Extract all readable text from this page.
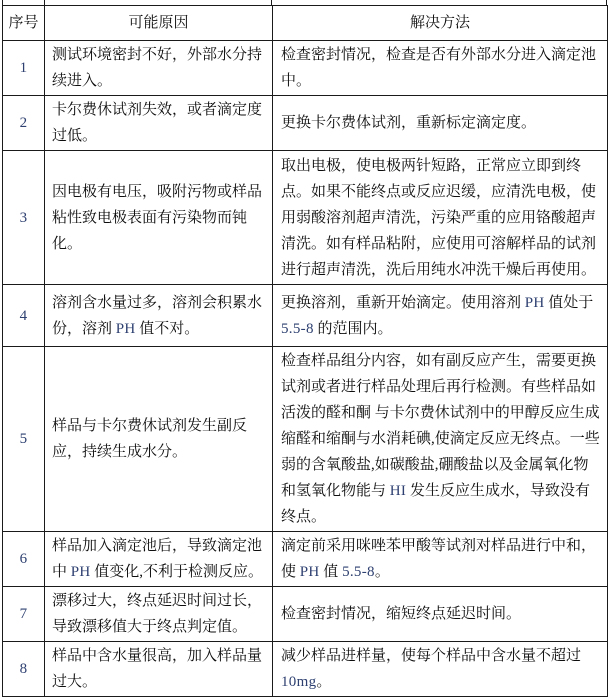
序号	可能原因	解决方法
1	测试环境密封不好，外部水分持续进入。	检查密封情况，检查是否有外部水分进入滴定池中。
2	卡尔费休试剂失效，或者滴定度过低。	更换卡尔费体试剂，重新标定滴定度。
3	因电极有电压，吸附污物或样品粘性致电极表面有污染物而钝化。	取出电极，使电极两针短路，正常应立即到终点。如果不能终点或反应迟缓，应清洗电极，使用弱酸溶剂超声清洗，污染严重的应用铬酸超声清洗。如有样品粘附，应使用可溶解样品的试剂进行超声清洗，洗后用纯水冲洗干燥后再使用。
4	溶剂含水量过多，溶剂会积累水份，溶剂 PH 值不对。	更换溶剂，重新开始滴定。使用溶剂 PH 值处于 5.5-8 的范围内。
5	样品与卡尔费休试剂发生副反应，持续生成水分。	检查样品组分内容，如有副反应产生，需要更换试剂或者进行样品处理后再行检测。有些样品如活泼的醛和酮 与卡尔费休试剂中的甲醇反应生成缩醛和缩酮与水消耗碘,使滴定反应无终点。一些弱的含氧酸盐,如碳酸盐,硼酸盐以及金属氧化物和氢氧化物能与 HI 发生反应生成水，导致没有终点。
6	样品加入滴定池后，导致滴定池中 PH 值变化,不利于检测反应。	滴定前采用咪唑苯甲酸等试剂对样品进行中和，使 PH 值 5.5-8。
7	漂移过大，终点延迟时间过长，导致漂移值大于终点判定值。	检查密封情况，缩短终点延迟时间。
8	样品中含水量很高，加入样品量过大。	减少样品进样量，使每个样品中含水量不超过 10mg。
